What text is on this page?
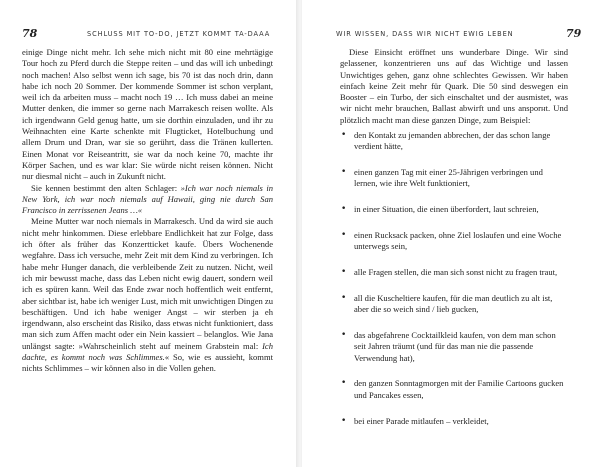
78	SCHLUSS MIT TO-DO, JETZT KOMMT TA-DAAA

einige Dinge nicht mehr. Ich sehe mich nicht mit 80 eine mehrtägige Tour hoch zu Pferd durch die Steppe reiten – und das will ich unbedingt noch machen! Also selbst wenn ich sage, bis 70 ist das noch drin, dann habe ich noch 20 Sommer. Der kommende Sommer ist schon verplant, weil ich da arbeiten muss – macht noch 19 … Ich muss dabei an meine Mutter denken, die immer so gerne nach Marrakesch reisen wollte. Als ich irgendwann Geld genug hatte, um sie dorthin einzuladen, und ihr zu Weihnachten eine Karte schenkte mit Flugticket, Hotelbuchung und allem Drum und Dran, war sie so gerührt, dass die Tränen kullerten. Einen Monat vor Reiseantritt, sie war da noch keine 70, machte ihr Körper Sachen, und es war klar: Sie würde nicht reisen können. Nicht nur diesmal nicht – auch in Zukunft nicht.

Sie kennen bestimmt den alten Schlager: »Ich war noch niemals in New York, ich war noch niemals auf Hawaii, ging nie durch San Francisco in zerrissenen Jeans …«

Meine Mutter war noch niemals in Marrakesch. Und da wird sie auch nicht mehr hinkommen. Diese erlebbare Endlichkeit hat zur Folge, dass ich öfter als früher das Konzertticket kaufe. Übers Wochenende wegfahre. Dass ich versuche, mehr Zeit mit dem Kind zu verbringen. Ich habe mehr Hunger danach, die verbleibende Zeit zu nutzen. Nicht, weil ich mir bewusst mache, dass das Leben nicht ewig dauert, sondern weil ich es spüren kann. Weil das Ende zwar noch hoffentlich weit entfernt, aber sichtbar ist, habe ich weniger Lust, mich mit unwichtigen Dingen zu beschäftigen. Und ich habe weniger Angst – wir sterben ja eh irgendwann, also erscheint das Risiko, dass etwas nicht funktioniert, dass man sich zum Affen macht oder ein Nein kassiert – belanglos. Wie Jana unlängst sagte: »Wahrscheinlich steht auf meinem Grabstein mal: Ich dachte, es kommt noch was Schlimmes.« So, wie es aussieht, kommt nichts Schlimmes – wir können also in die Vollen gehen.

WIR WISSEN, DASS WIR NICHT EWIG LEBEN	79

Diese Einsicht eröffnet uns wunderbare Dinge. Wir sind gelassener, konzentrieren uns auf das Wichtige und lassen Unwichtiges gehen, ganz ohne schlechtes Gewissen. Wir haben einfach keine Zeit mehr für Quark. Die 50 sind deswegen ein Booster – ein Turbo, der sich einschaltet und der ausmistet, was wir nicht mehr brauchen, Ballast abwirft und uns ansporнt. Und plötzlich macht man diese ganzen Dinge, zum Beispiel:

• den Kontakt zu jemanden abbrechen, der das schon lange verdient hätte,
• einen ganzen Tag mit einer 25-Jährigen verbringen und lernen, wie ihre Welt funktioniert,
• in einer Situation, die einen überfordert, laut schreien,
• einen Rucksack packen, ohne Ziel loslaufen und eine Woche unterwegs sein,
• alle Fragen stellen, die man sich sonst nicht zu fragen traut,
• all die Kuscheltiere kaufen, für die man deutlich zu alt ist, aber die so weich sind / lieb gucken,
• das abgefahrene Cocktailkleid kaufen, von dem man schon seit Jahren träumt (und für das man nie die passende Verwendung hat),
• den ganzen Sonntagmorgen mit der Familie Cartoons gucken und Pancakes essen,
• bei einer Parade mitlaufen – verkleidet,
